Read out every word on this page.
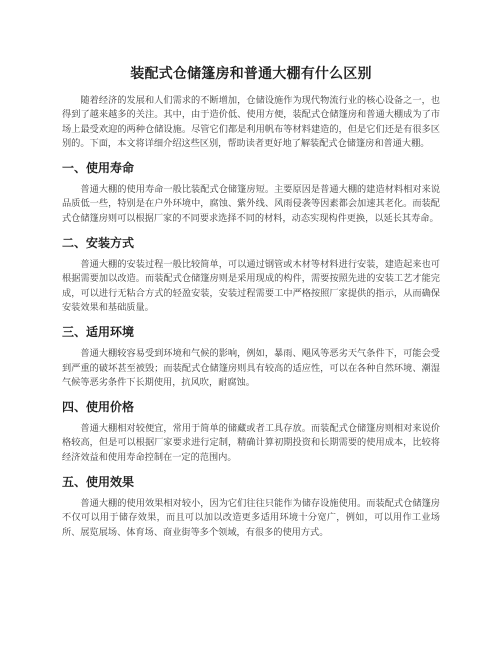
装配式仓储篷房和普通大棚有什么区别

随着经济的发展和人们需求的不断增加，仓储设施作为现代物流行业的核心设备之一，也得到了越来越多的关注。其中，由于造价低、使用方便，装配式仓储篷房和普通大棚成为了市场上最受欢迎的两种仓储设施。尽管它们都是利用帆布等材料建造的，但是它们还是有很多区别的。下面，本文将详细介绍这些区别，帮助读者更好地了解装配式仓储篷房和普通大棚。

一、使用寿命

普通大棚的使用寿命一般比装配式仓储篷房短。主要原因是普通大棚的建造材料相对来说品质低一些，特别是在户外环境中，腐蚀、紫外线、风雨侵袭等因素都会加速其老化。而装配式仓储篷房则可以根据厂家的不同要求选择不同的材料，动态实现构件更换，以延长其寿命。

二、安装方式

普通大棚的安装过程一般比较简单，可以通过钢管或木材等材料进行安装，建造起来也可根据需要加以改造。而装配式仓储篷房则是采用现成的构件，需要按照先进的安装工艺才能完成，可以进行无粘合方式的轻盈安装，安装过程需要工中严格按照厂家提供的指示，从而确保安装效果和基础质量。

三、适用环境

普通大棚较容易受到环境和气候的影响，例如，暴雨、飓风等恶劣天气条件下，可能会受到严重的破坏甚至被毁；而装配式仓储篷房则具有较高的适应性，可以在各种自然环境、潮湿气候等恶劣条件下长期使用，抗风吹，耐腐蚀。

四、使用价格

普通大棚相对较便宜，常用于简单的储藏或者工具存放。而装配式仓储篷房则相对来说价格较高，但是可以根据厂家要求进行定制，精确计算初期投资和长期需要的使用成本，比较将经济效益和使用寿命控制在一定的范围内。

五、使用效果

普通大棚的使用效果相对较小，因为它们往往只能作为储存设施使用。而装配式仓储篷房不仅可以用于储存效果，而且可以加以改造更多适用环境十分宽广，例如，可以用作工业场所、展览展场、体育场、商业街等多个领域，有很多的使用方式。
